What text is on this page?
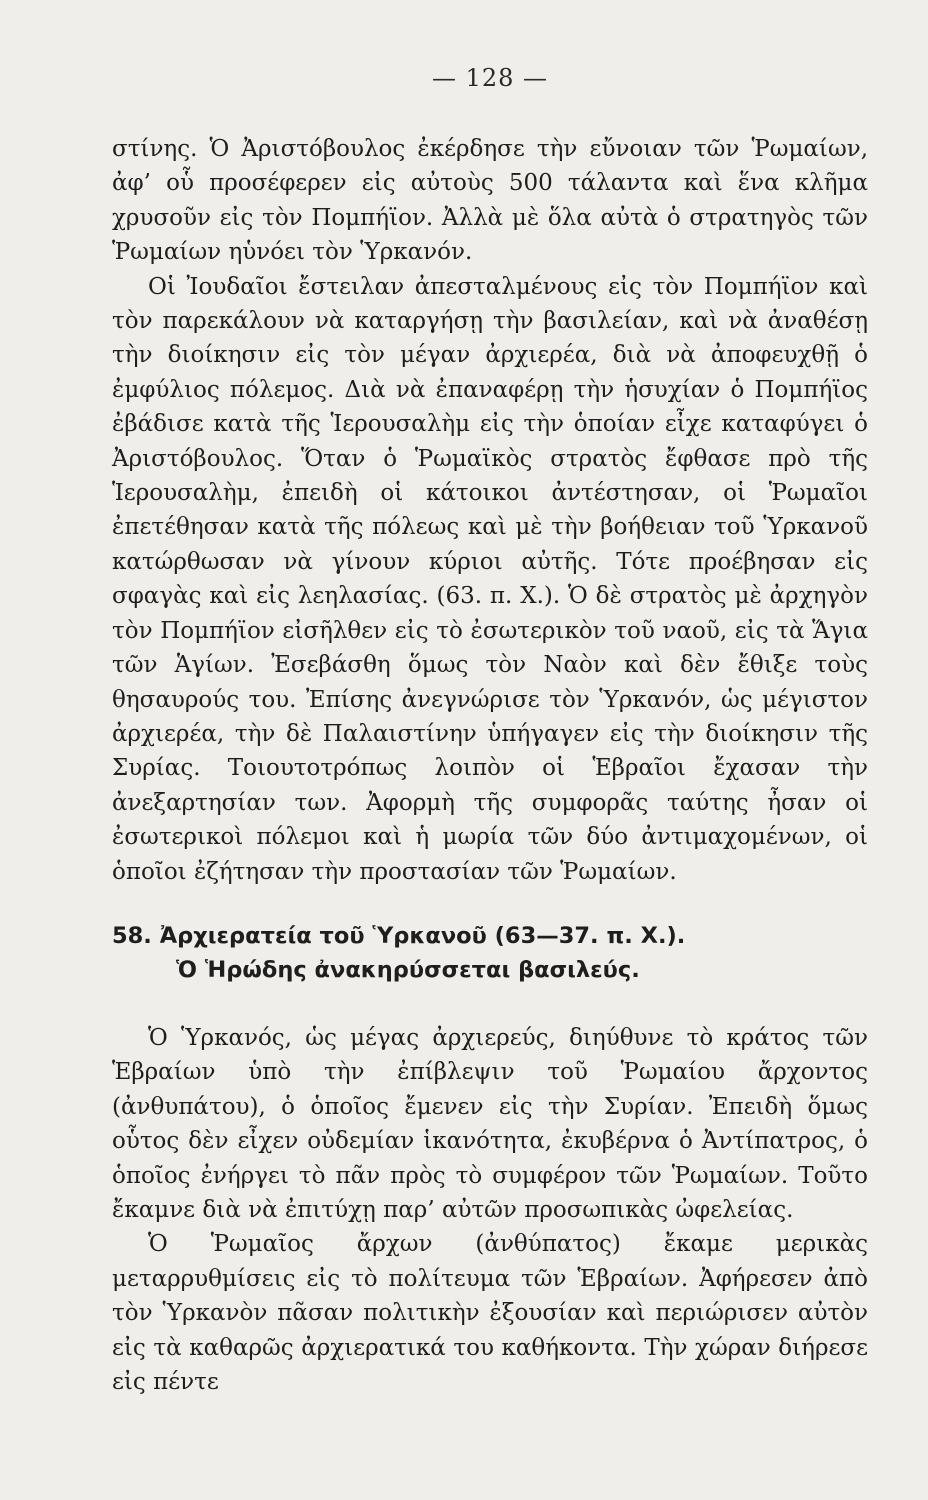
— 128 —

στίνης. Ὁ Ἀριστόβουλος ἐκέρδησε τὴν εὔνοιαν τῶν Ῥωμαίων, ἀφ’ οὗ προσέφερεν εἰς αὐτοὺς 500 τάλαντα καὶ ἕνα κλῆμα χρυσοῦν εἰς τὸν Πομπήϊον. Ἀλλὰ μὲ ὅλα αὐτὰ ὁ στρατηγὸς τῶν Ῥωμαίων ηὑνόει τὸν Ὑρκανόν.

Οἱ Ἰουδαῖοι ἔστειλαν ἀπεσταλμένους εἰς τὸν Πομπήϊον καὶ τὸν παρεκάλουν νὰ καταργήσῃ τὴν βασιλείαν, καὶ νὰ ἀναθέσῃ τὴν διοίκησιν εἰς τὸν μέγαν ἀρχιερέα, διὰ νὰ ἀποφευχθῇ ὁ ἐμφύλιος πόλεμος. Διὰ νὰ ἐπαναφέρῃ τὴν ἡσυχίαν ὁ Πομπήϊος ἐβάδισε κατὰ τῆς Ἱερουσαλὴμ εἰς τὴν ὁποίαν εἶχε καταφύγει ὁ Ἀριστόβουλος. Ὅταν ὁ Ῥωμαϊκὸς στρατὸς ἔφθασε πρὸ τῆς Ἱερουσαλὴμ, ἐπειδὴ οἱ κάτοικοι ἀντέστησαν, οἱ Ῥωμαῖοι ἐπετέθησαν κατὰ τῆς πόλεως καὶ μὲ τὴν βοήθειαν τοῦ Ὑρκανοῦ κατώρθωσαν νὰ γίνουν κύριοι αὐτῆς. Τότε προέβησαν εἰς σφαγὰς καὶ εἰς λεηλασίας. (63. π. Χ.). Ὁ δὲ στρατὸς μὲ ἀρχηγὸν τὸν Πομπήϊον εἰσῆλθεν εἰς τὸ ἐσωτερικὸν τοῦ ναοῦ, εἰς τὰ Ἅγια τῶν Ἁγίων. Ἐσεβάσθη ὅμως τὸν Ναὸν καὶ δὲν ἔθιξε τοὺς θησαυρούς του. Ἐπίσης ἀνεγνώρισε τὸν Ὑρκανόν, ὡς μέγιστον ἀρχιερέα, τὴν δὲ Παλαιστίνην ὑπήγαγεν εἰς τὴν διοίκησιν τῆς Συρίας. Τοιουτοτρόπως λοιπὸν οἱ Ἑβραῖοι ἔχασαν τὴν ἀνεξαρτησίαν των. Ἀφορμὴ τῆς συμφορᾶς ταύτης ἦσαν οἱ ἐσωτερικοὶ πόλεμοι καὶ ἡ μωρία τῶν δύο ἀντιμαχομένων, οἱ ὁποῖοι ἐζήτησαν τὴν προστασίαν τῶν Ῥωμαίων.

58. Ἀρχιερατεία τοῦ Ὑρκανοῦ (63—37. π. Χ.).
Ὁ Ἡρώδης ἀνακηρύσσεται βασιλεύς.

Ὁ Ὑρκανός, ὡς μέγας ἀρχιερεύς, διηύθυνε τὸ κράτος τῶν Ἑβραίων ὑπὸ τὴν ἐπίβλεψιν τοῦ Ῥωμαίου ἄρχοντος (ἀνθυπάτου), ὁ ὁποῖος ἔμενεν εἰς τὴν Συρίαν. Ἐπειδὴ ὅμως οὗτος δὲν εἶχεν οὐδεμίαν ἱκανότητα, ἐκυβέρνα ὁ Ἀντίπατρος, ὁ ὁποῖος ἐνήργει τὸ πᾶν πρὸς τὸ συμφέρον τῶν Ῥωμαίων. Τοῦτο ἔκαμνε διὰ νὰ ἐπιτύχῃ παρ’ αὐτῶν προσωπικὰς ὠφελείας.

Ὁ Ῥωμαῖος ἄρχων (ἀνθύπατος) ἔκαμε μερικὰς μεταρρυθμίσεις εἰς τὸ πολίτευμα τῶν Ἑβραίων. Ἀφήρεσεν ἀπὸ τὸν Ὑρκανὸν πᾶσαν πολιτικὴν ἐξουσίαν καὶ περιώρισεν αὐτὸν εἰς τὰ καθαρῶς ἀρχιερατικά του καθήκοντα. Τὴν χώραν διήρεσε εἰς πέντε
